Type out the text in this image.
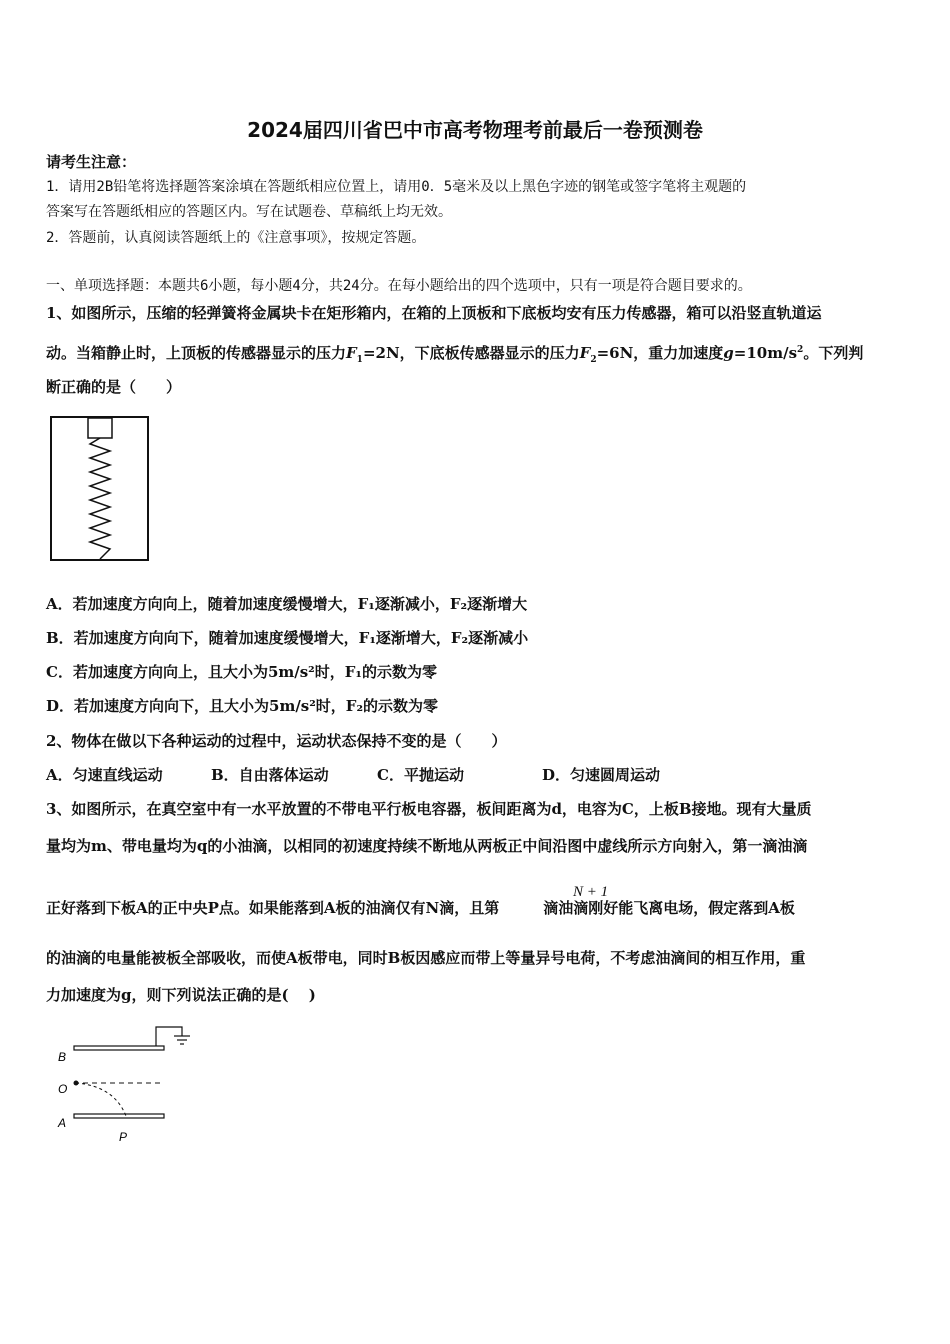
2024届四川省巴中市高考物理考前最后一卷预测卷
请考生注意：
1．请用2B铅笔将选择题答案涂填在答题纸相应位置上，请用0．5毫米及以上黑色字迹的钢笔或签字笔将主观题的
答案写在答题纸相应的答题区内。写在试题卷、草稿纸上均无效。
2．答题前，认真阅读答题纸上的《注意事项》，按规定答题。
一、单项选择题：本题共6小题，每小题4分，共24分。在每小题给出的四个选项中，只有一项是符合题目要求的。
1、如图所示，压缩的轻弹簧将金属块卡在矩形箱内，在箱的上顶板和下底板均安有压力传感器，箱可以沿竖直轨道运
动。当箱静止时，上顶板的传感器显示的压力$F_1=2N$，下底板传感器显示的压力$F_2=6N$，重力加速度$g=10m/s^2$。下列判
断正确的是（　　）
A．若加速度方向向上，随着加速度缓慢增大，F₁逐渐减小，F₂逐渐增大
B．若加速度方向向下，随着加速度缓慢增大，F₁逐渐增大，F₂逐渐减小
C．若加速度方向向上，且大小为5m/s²时，F₁的示数为零
D．若加速度方向向下，且大小为5m/s²时，F₂的示数为零
2、物体在做以下各种运动的过程中，运动状态保持不变的是（　　）
A．匀速直线运动	B．自由落体运动	C．平抛运动	D．匀速圆周运动
3、如图所示，在真空室中有一水平放置的不带电平行板电容器，板间距离为d，电容为C，上板B接地。现有大量质
量均为m、带电量均为q的小油滴，以相同的初速度持续不断地从两板正中间沿图中虚线所示方向射入，第一滴油滴
正好落到下板A的正中央P点。如果能落到A板的油滴仅有N滴，且第	滴油滴刚好能飞离电场，假定落到A板
N + 1
的油滴的电量能被板全部吸收，而使A板带电，同时B板因感应而带上等量异号电荷，不考虑油滴间的相互作用，重
力加速度为g，则下列说法正确的是(　 )
B
O
A
P
